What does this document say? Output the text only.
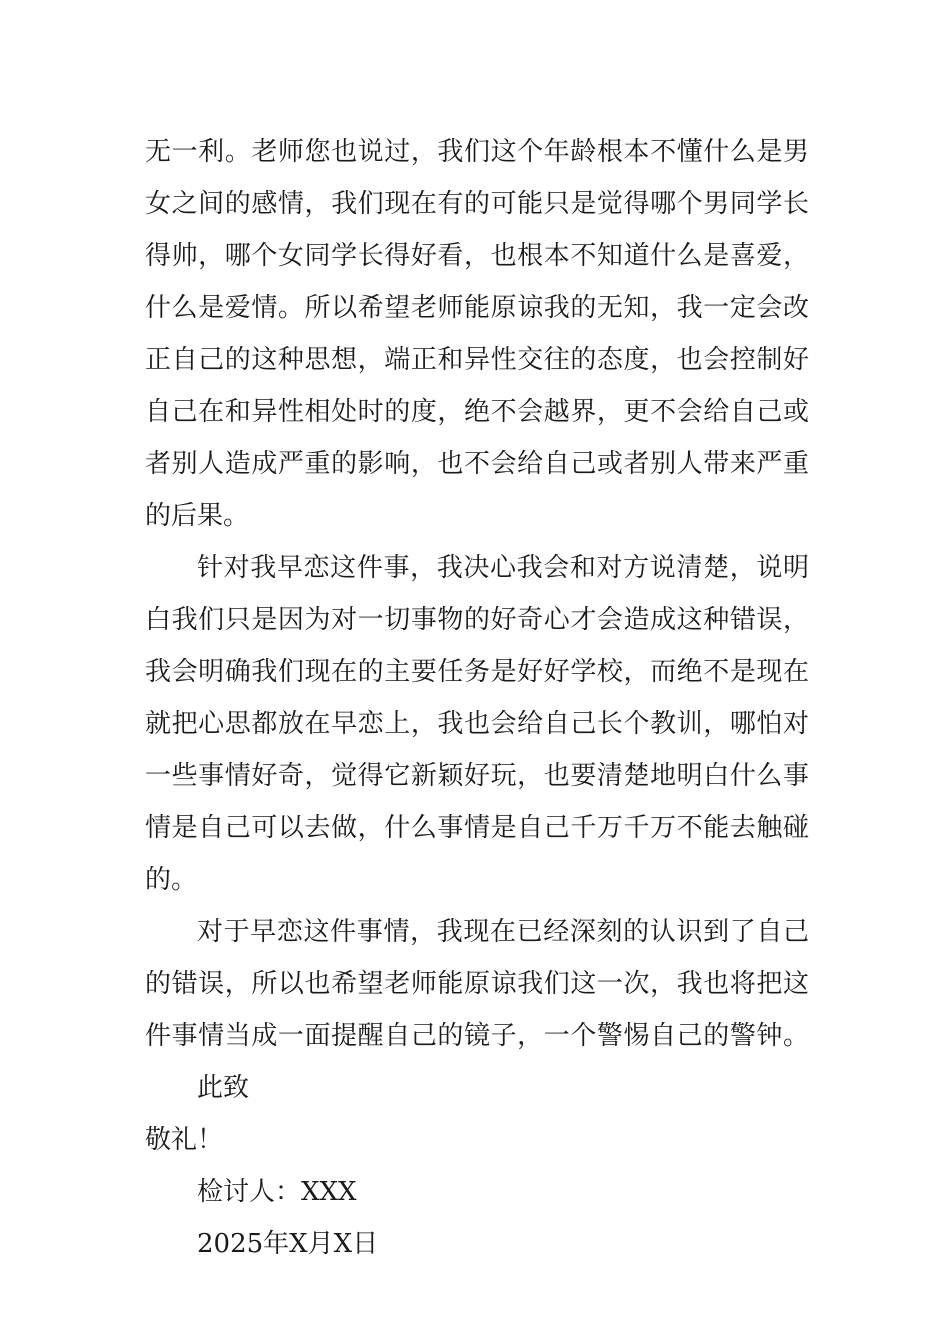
无一利。老师您也说过，我们这个年龄根本不懂什么是男
女之间的感情，我们现在有的可能只是觉得哪个男同学长
得帅，哪个女同学长得好看，也根本不知道什么是喜爱，
什么是爱情。所以希望老师能原谅我的无知，我一定会改
正自己的这种思想，端正和异性交往的态度，也会控制好
自己在和异性相处时的度，绝不会越界，更不会给自己或
者别人造成严重的影响，也不会给自己或者别人带来严重
的后果。
针对我早恋这件事，我决心我会和对方说清楚，说明
白我们只是因为对一切事物的好奇心才会造成这种错误，
我会明确我们现在的主要任务是好好学校，而绝不是现在
就把心思都放在早恋上，我也会给自己长个教训，哪怕对
一些事情好奇，觉得它新颖好玩，也要清楚地明白什么事
情是自己可以去做，什么事情是自己千万千万不能去触碰
的。
对于早恋这件事情，我现在已经深刻的认识到了自己
的错误，所以也希望老师能原谅我们这一次，我也将把这
件事情当成一面提醒自己的镜子，一个警惕自己的警钟。
此致
敬礼！
检讨人：XXX
2025年X月X日
